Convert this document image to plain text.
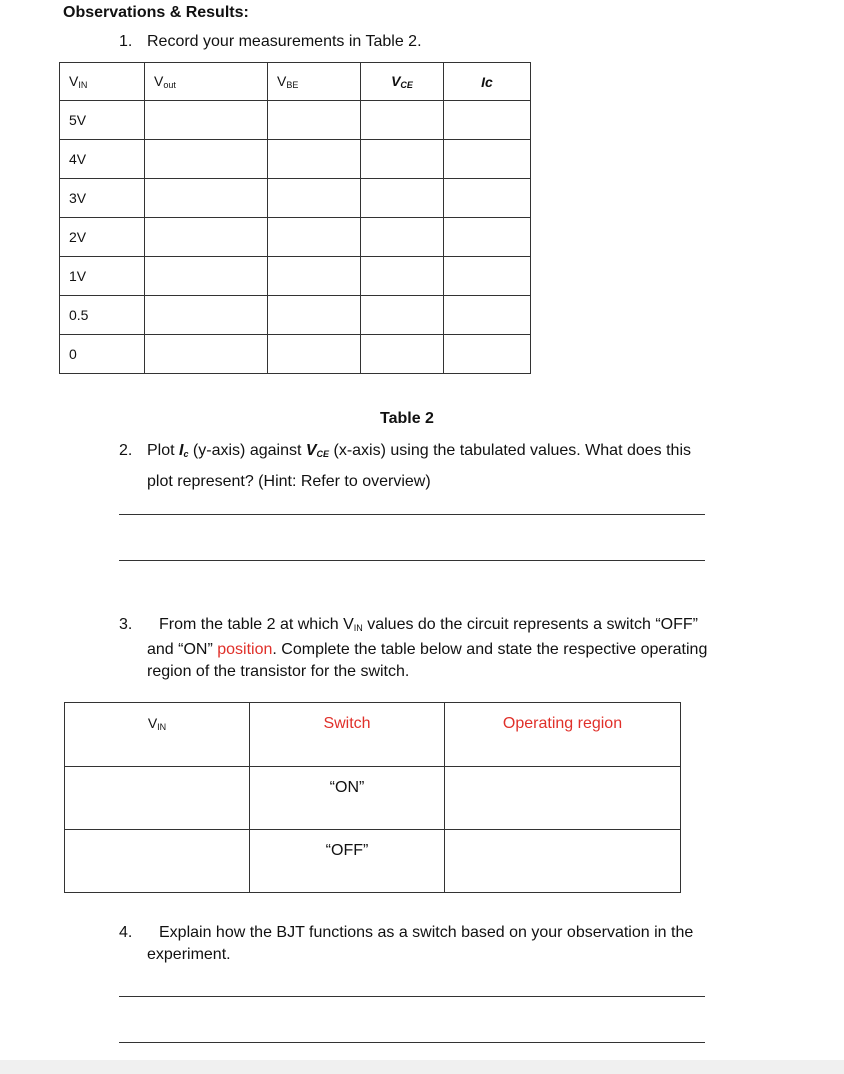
Observations & Results:
1. Record your measurements in Table 2.
$V_{IN}$	$V_{out}$	$V_{BE}$	$V_{CE}$	Ic
5V				
4V				
3V				
2V				
1V				
0.5				
0				
Table 2
2. Plot $I_c$ (y-axis) against $V_{CE}$ (x-axis) using the tabulated values. What does this
plot represent? (Hint: Refer to overview)
3. From the table 2 at which $V_{IN}$ values do the circuit represents a switch “OFF”
and “ON” position. Complete the table below and state the respective operating
region of the transistor for the switch.
$V_{IN}$	Switch	Operating region
	“ON”	
	“OFF”	
4. Explain how the BJT functions as a switch based on your observation in the
experiment.
